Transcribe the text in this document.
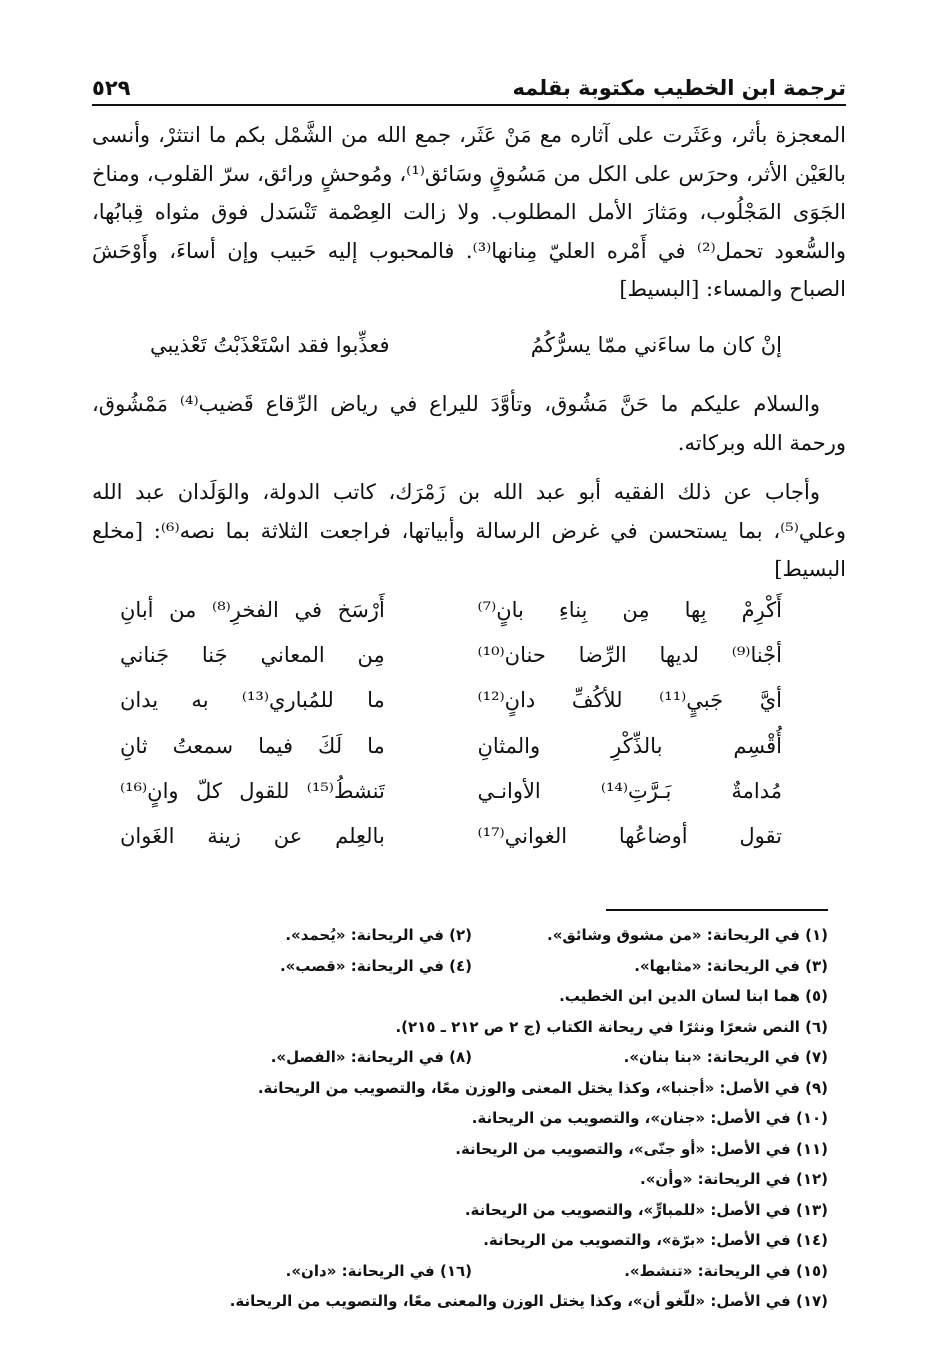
ترجمة ابن الخطيب مكتوبة بقلمه
٥٢٩
المعجزة بأثر، وعَثَرت على آثاره مع مَنْ عَثَر، جمع الله من الشَّمْل بكم ما انتثرْ، وأنسى بالعَيْن الأثر، وحرَس على الكل من مَسُوقٍ وسَائق⁽¹⁾، ومُوحشٍ ورائق، سرّ القلوب، ومناخ الجَوَى المَجْلُوب، ومَثارَ الأمل المطلوب. ولا زالت العِصْمة تَنْسَدل فوق مثواه قِبابُها، والسُّعود تحمل⁽²⁾ في أَمْره العليّ مِنانها⁽³⁾. فالمحبوب إليه حَبيب وإن أساءَ، وأَوْحَشَ الصباح والمساء: [البسيط]
إنْ كان ما ساءَني ممّا يسرُّكُمُ
فعذِّبوا فقد اسْتَعْذَبْتُ تَعْذيبي
والسلام عليكم ما حَنَّ مَشُوق، وتأوَّدَ لليراع في رياض الرِّقاع قَضيب⁽⁴⁾ مَمْشُوق، ورحمة الله وبركاته.
وأجاب عن ذلك الفقيه أبو عبد الله بن زَمْرَك، كاتب الدولة، والوَلَدان عبد الله وعلي⁽⁵⁾، بما يستحسن في غرض الرسالة وأبياتها، فراجعت الثلاثة بما نصه⁽⁶⁾: [مخلع البسيط]
أَكْرِمْ بِها مِن بِناءِ بانٍ⁽⁷⁾
أَرْسَخ في الفخرِ⁽⁸⁾ من أبانِ
أجْنا⁽⁹⁾ لديها الرِّضا حنان⁽¹⁰⁾
مِن المعاني جَنا جَناني
أيَّ جَبيٍ⁽¹¹⁾ للأكُفِّ دانٍ⁽¹²⁾
ما للمُباري⁽¹³⁾ به يدان
أُقْسِم بالذِّكْرِ والمثانِ
ما لَكَ فيما سمعتُ ثانِ
مُدامةٌ بَـرَّتِ⁽¹⁴⁾ الأوانـي
تَنشطُ⁽¹⁵⁾ للقول كلّ وانٍ⁽¹⁶⁾
تقول أوضاعُها الغواني⁽¹⁷⁾
بالعِلم عن زينة الغَوان
(١) في الريحانة: «من مشوق وشائق».
(٢) في الريحانة: «يُحمد».
(٣) في الريحانة: «مثابها».
(٤) في الريحانة: «قصب».
(٥) هما ابنا لسان الدين ابن الخطيب.
(٦) النص شعرًا ونثرًا في ريحانة الكتاب (ج ٢ ص ٢١٢ ـ ٢١٥).
(٧) في الريحانة: «بنا بنان».
(٨) في الريحانة: «الفصل».
(٩) في الأصل: «أجنبا»، وكذا يختل المعنى والوزن معًا، والتصويب من الريحانة.
(١٠) في الأصل: «جنان»، والتصويب من الريحانة.
(١١) في الأصل: «أو جنّى»، والتصويب من الريحانة.
(١٢) في الريحانة: «وأن».
(١٣) في الأصل: «للمبارٍّ»، والتصويب من الريحانة.
(١٤) في الأصل: «برّة»، والتصويب من الريحانة.
(١٥) في الريحانة: «تنشط».
(١٦) في الريحانة: «دان».
(١٧) في الأصل: «للّغو أن»، وكذا يختل الوزن والمعنى معًا، والتصويب من الريحانة.
